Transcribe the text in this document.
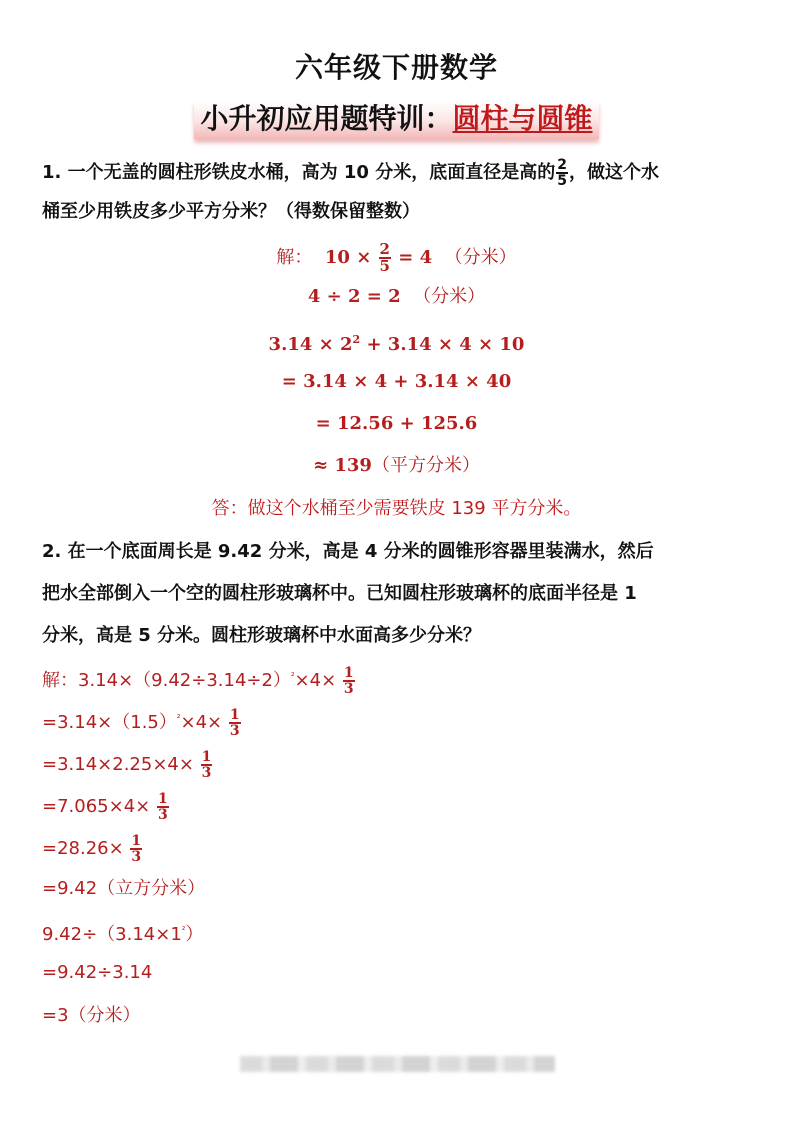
六年级下册数学
小升初应用题特训：圆柱与圆锥
1. 一个无盖的圆柱形铁皮水桶，高为 10 分米，底面直径是高的 $\frac{2}{5}$ ，做这个水
桶至少用铁皮多少平方分米？（得数保留整数）
解： $10 \times \frac{2}{5} = 4$  （分米）
4 ÷ 2 = 2  （分米）
$3.14 \times 2^2 + 3.14 \times 4 \times 10$
= 3.14 × 4 + 3.14 × 40
= 12.56 + 125.6
≈ 139（平方分米）
答：做这个水桶至少需要铁皮 139 平方分米。
2. 在一个底面周长是 9.42 分米，高是 4 分米的圆锥形容器里装满水，然后
把水全部倒入一个空的圆柱形玻璃杯中。已知圆柱形玻璃杯的底面半径是 1
分米，高是 5 分米。圆柱形玻璃杯中水面高多少分米？
解：$3.14\times(9.42\div 3.14\div 2)^{^2}\times 4\times \frac{1}{3}$
$=3.14\times(1.5)^{^2}\times 4\times \frac{1}{3}$
$=3.14\times 2.25\times 4\times \frac{1}{3}$
$=7.065\times 4\times \frac{1}{3}$
$=28.26\times \frac{1}{3}$
=9.42（立方分米）
$9.42\div(3.14\times 1^{^2})$
=9.42÷3.14
=3（分米）
